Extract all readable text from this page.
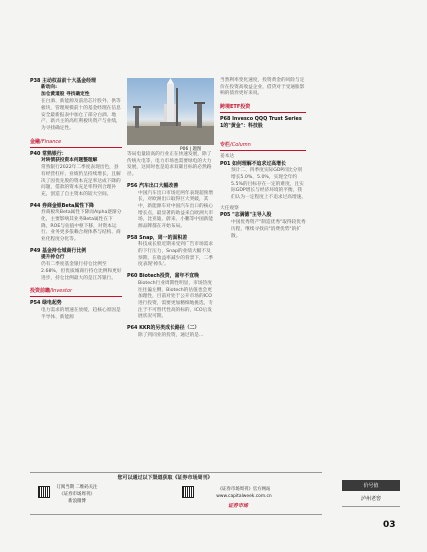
P38 主动权益前十大基金经理
新动向:
加仓黄道股 寻找确定性
在白酒、新能源及前沿芯片股外、供等板块，管理规模前十的基金经理在信息安全最新报表中加仓了部分白酒、地产、新兴主的高红利板块资产与业绩，为寻找确定性。
金融/Finance
P40 常熟银行：
对转债获投资本何题整理解
常熟银行2022年二季度表现出色，县有经营杠杆、业绩仍呈持续增长，且解决了因优先股的资本充足率达成下降的问题，借款的资本充足率得到合理补充，创造了自主资本的较大空间。
P44 券商金银Beta属性下降
券商板块Beta属性下降而Alpha逐渐分化，主要影响其业务Beta属性在下降，ROE与估值中枢下移，对资本运行、业务更多依赖合规体系与结构、商业化程度分化等。
P49 基金持仓城商行比例
提升持仓行
仍有二季度基金银行持仓比例至2.68%，但优质城商行持仓比例和更好进步，持仓比例最大的是江苏银行。
投资前瞻/Investor
P54 绿电起势
电力需求的增速在放缓，趋核心原因是半导体、新能源
P06 | 题图
等局电量较高的行业正在快速发展，除了传统火电等，电力市场也需要绿电的大力发展，这同时也是追求双碳目标的必然路径。
P56 汽车出口大幅改善
中国汽车出口市场近两年表现超预增长，对欧洲出口取得巨大突破，其中，新能源车对中国汽车出口的核心增长点，最显著的助益来自欧洲大市场，比亚迪、蔚来、小鹏等中国新能源品牌都在开始布局。
P58 Snap，周一的面积差
科技成长股近期来受到广告市场需求的下行压力，Snap的业绩大幅不及预期，在收益率减少的背景下，二季度表现'掉头'。
P60 Biotech投资，富年不宜晚
Biotech行业周期性明显，市场热度往往偏左侧，Biotech的估值也会更加理性，目前对处于公开市场的ICO进行投资，需要更加精细地挑选，专注于不可替代性高的标的，ICO后发展状况可期。
P64 KKR的另类成长路径（二）
除了到同业的投资，通过的是...
当然利率变化速度，投资黄金的风险与定价在投资高收益企业，借贷对于受通胀影响的债券更好来说。
跨境ETF投资
P68 Invesco QQQ Trust Series 1的"黄金"：科技股
专栏/Column
姜本达
P01 如何理解不追求过高增长
预计二、四季度实际GDP同比分别增长5.0%、5.0%，实现全年约5.5%的目标存在一定的难度，且实际GDP增长与经济环境的平衡，我们认为一定程度上不追求过高增速。
大任观察
P05 "志满德"主导入股
中国优秀资产"制造优秀"取得较优秀历程，继续寻找向"消费优势"的扩散。
您可以通过以下渠道获取《证券市场周刊》
订阅当期 二维码关注
《证券市场周刊》
新浪微博
《证券市场周刊》官方网站
www.capitalweek.com.cn
证券市场
价号值
泸州老窖
03
